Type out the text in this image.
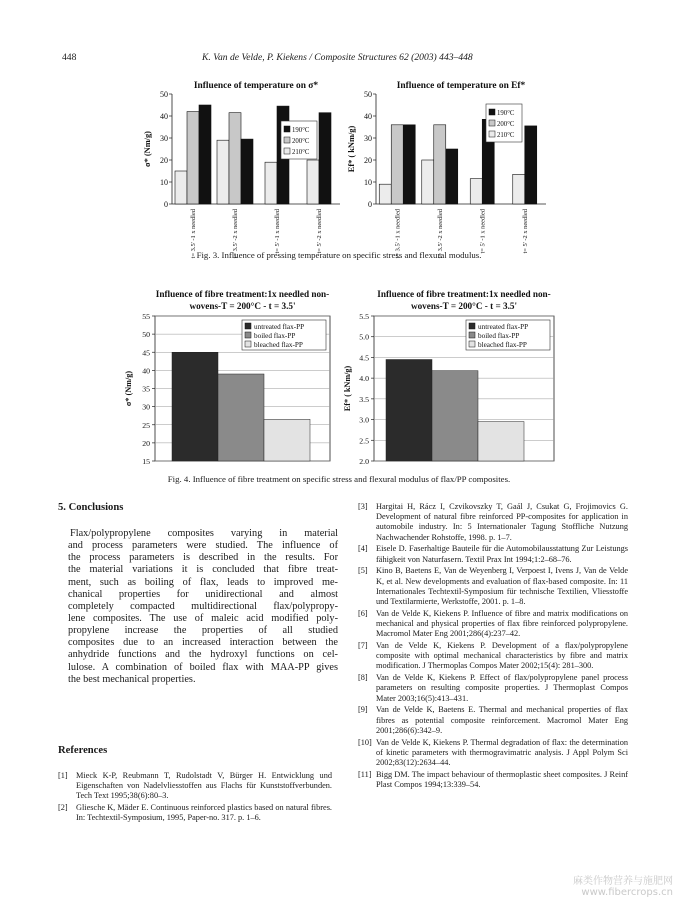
448	K. Van de Velde, P. Kiekens / Composite Structures 62 (2003) 443–448
Influence of temperature on σ*
0
10
20
30
40
50
σ* (Nm/g)
t= 3.5' -1 x needled	t= 3.5' -2 x needled	t= 5' -1 x needled	t= 5' -2 x needled
190°C
200°C
210°C
Influence of temperature on Ef*
0
10
20
30
40
50
Ef* ( kNm/g)
t= 3.5' -1 x needled	t= 3.5' -2 x needled	t= 5' -1 x needled	t= 5' -2 x needled
190°C
200°C
210°C
Fig. 3. Influence of pressing temperature on specific stress and flexural modulus.
Influence of fibre treatment:1x needled non-
wovens-T = 200°C - t = 3.5'
15
20
25
30
35
40
45
50
55
σ* (Nm/g)
untreated flax-PP
boiled flax-PP
bleached flax-PP
Influence of fibre treatment:1x needled non-
wovens-T = 200°C - t = 3.5'
2.0
2.5
3.0
3.5
4.0
4.5
5.0
5.5
Ef* ( kNm/g)
untreated flax-PP
boiled flax-PP
bleached flax-PP
Fig. 4. Influence of fibre treatment on specific stress and flexural modulus of flax/PP composites.
5. Conclusions
Flax/polypropylene composites varying in material
and process parameters were studied. The influence of
the process parameters is described in the results. For
the material variations it is concluded that fibre treat-
ment, such as boiling of flax, leads to improved me-
chanical properties for unidirectional and almost
completely compacted multidirectional flax/polypropy-
lene composites. The use of maleic acid modified poly-
propylene increase the properties of all studied
composites due to an increased interaction between the
anhydride functions and the hydroxyl functions on cel-
lulose. A combination of boiled flax with MAA-PP gives
the best mechanical properties.
References
[1] Mieck K-P, Reubmann T, Rudolstadt V, Bürger H. Entwicklung und Eigenschaften von Nadelvliesstoffen aus Flachs für Kunststoffverbunden. Tech Text 1995;38(6):80–3.
[2] Gliesche K, Mäder E. Continuous reinforced plastics based on natural fibres. In: Techtextil-Symposium, 1995, Paper-no. 317. p. 1–6.
[3] Hargitai H, Rácz I, Czvikovszky T, Gaál J, Csukat G, Frojimovics G. Development of natural fibre reinforced PP-composites for application in automobile industry. In: 5 Internationaler Tagung Stoffliche Nutzung Nachwachender Rohstoffe, 1998. p. 1–7.
[4] Eisele D. Faserhaltige Bauteile für die Automobilausstattung Zur Leistungs fähigkeit von Naturfasern. Textil Prax Int 1994;1:2–68–76.
[5] Kino B, Baetens E, Van de Weyenberg I, Verpoest I, Ivens J, Van de Velde K, et al. New developments and evaluation of flax-based composite. In: 11 Internationales Techtextil-Symposium für technische Textilien, Vliesstoffe und Textilarmierte, Werkstoffe, 2001. p. 1–8.
[6] Van de Velde K, Kiekens P. Influence of fibre and matrix modifications on mechanical and physical properties of flax fibre reinforced polypropylene. Macromol Mater Eng 2001;286(4):237–42.
[7] Van de Velde K, Kiekens P. Development of a flax/polypropylene composite with optimal mechanical characteristics by fibre and matrix modification. J Thermoplas Compos Mater 2002;15(4): 281–300.
[8] Van de Velde K, Kiekens P. Effect of flax/polypropylene panel process parameters on resulting composite properties. J Thermoplast Compos Mater 2003;16(5):413–431.
[9] Van de Velde K, Baetens E. Thermal and mechanical properties of flax fibres as potential composite reinforcement. Macromol Mater Eng 2001;286(6):342–9.
[10] Van de Velde K, Kiekens P. Thermal degradation of flax: the determination of kinetic parameters with thermogravimatric analysis. J Appl Polym Sci 2002;83(12):2634–44.
[11] Bigg DM. The impact behaviour of thermoplastic sheet composites. J Reinf Plast Compos 1994;13:339–54.
麻类作物营养与施肥网
www.fibercrops.cn
